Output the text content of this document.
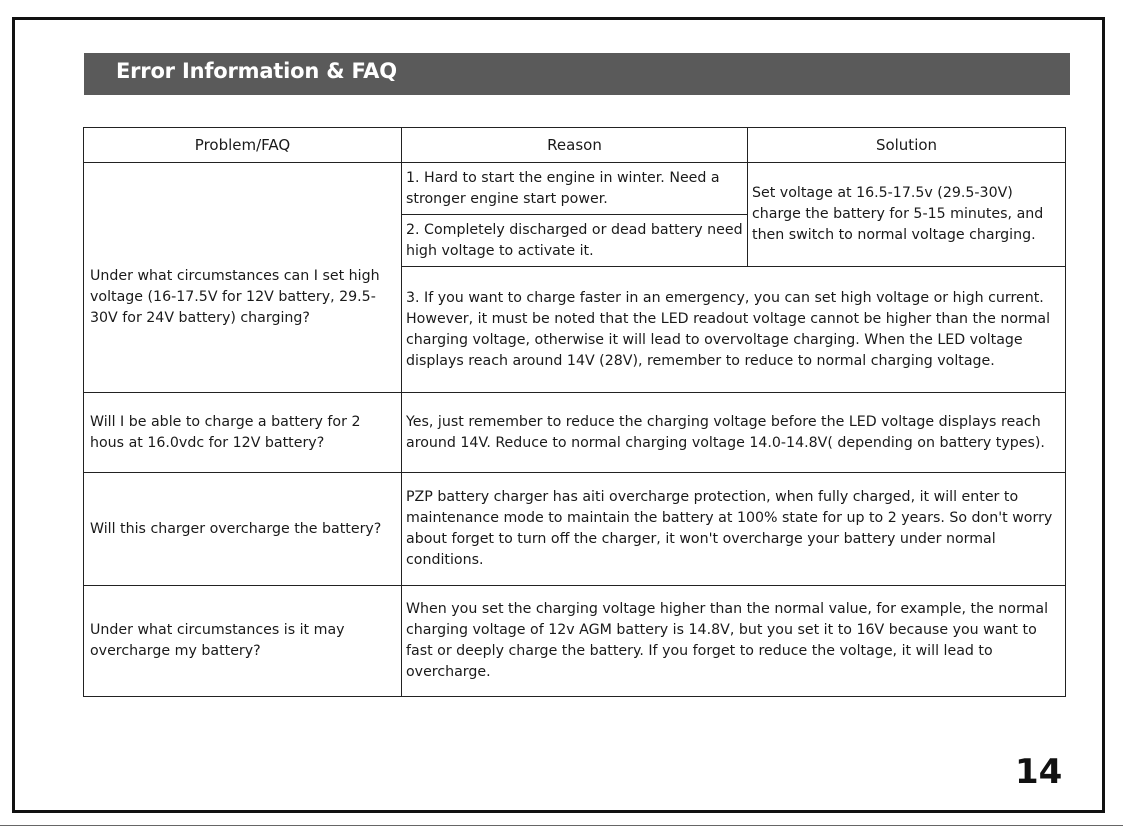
Error Information & FAQ
Problem/FAQ	Reason	Solution
Under what circumstances can I set high voltage (16-17.5V for 12V battery, 29.5-30V for 24V battery) charging?	1. Hard to start the engine in winter. Need a stronger engine start power.	Set voltage at 16.5-17.5v (29.5-30V) charge the battery for 5-15 minutes, and then switch to normal voltage charging.
	2. Completely discharged or dead battery need high voltage to activate it.	
	3. If you want to charge faster in an emergency, you can set high voltage or high current. However, it must be noted that the LED readout voltage cannot be higher than the normal charging voltage, otherwise it will lead to overvoltage charging. When the LED voltage displays reach around 14V (28V), remember to reduce to normal charging voltage.	
Will I be able to charge a battery for 2 hous at 16.0vdc for 12V battery?	Yes, just remember to reduce the charging voltage before the LED voltage displays reach around 14V. Reduce to normal charging voltage 14.0-14.8V( depending on battery types).	
Will this charger overcharge the battery?	PZP battery charger has aiti overcharge protection, when fully charged, it will enter to maintenance mode to maintain the battery at 100% state for up to 2 years. So don't worry about forget to turn off the charger, it won't overcharge your battery under normal conditions.	
Under what circumstances is it may overcharge my battery?	When you set the charging voltage higher than the normal value, for example, the normal charging voltage of 12v AGM battery is 14.8V, but you set it to 16V because you want to fast or deeply charge the battery. If you forget to reduce the voltage, it will lead to overcharge.	
14
